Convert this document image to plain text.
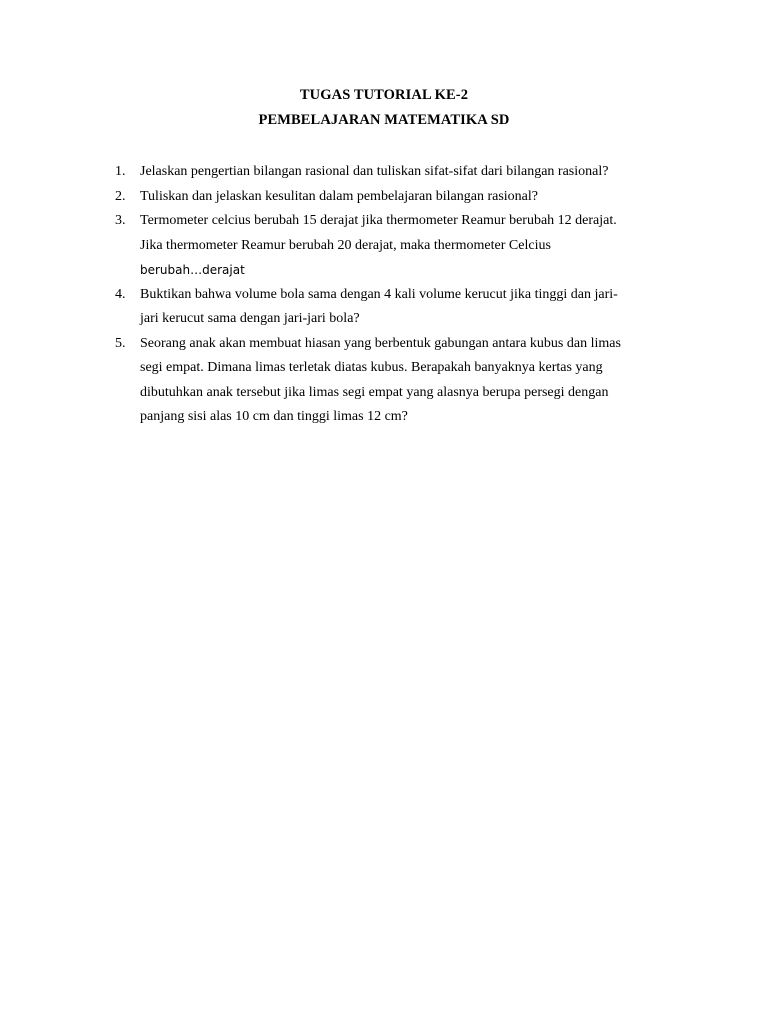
TUGAS TUTORIAL KE-2
PEMBELAJARAN MATEMATIKA SD
1. Jelaskan pengertian bilangan rasional dan tuliskan sifat-sifat dari bilangan rasional?
2. Tuliskan dan jelaskan kesulitan dalam pembelajaran bilangan rasional?
3. Termometer celcius berubah 15 derajat jika thermometer Reamur berubah 12 derajat.
Jika thermometer Reamur berubah 20 derajat, maka thermometer Celcius
berubah…derajat
4. Buktikan bahwa volume bola sama dengan 4 kali volume kerucut jika tinggi dan jari-
jari kerucut sama dengan jari-jari bola?
5. Seorang anak akan membuat hiasan yang berbentuk gabungan antara kubus dan limas
segi empat. Dimana limas terletak diatas kubus. Berapakah banyaknya kertas yang
dibutuhkan anak tersebut jika limas segi empat yang alasnya berupa persegi dengan
panjang sisi alas 10 cm dan tinggi limas 12 cm?
